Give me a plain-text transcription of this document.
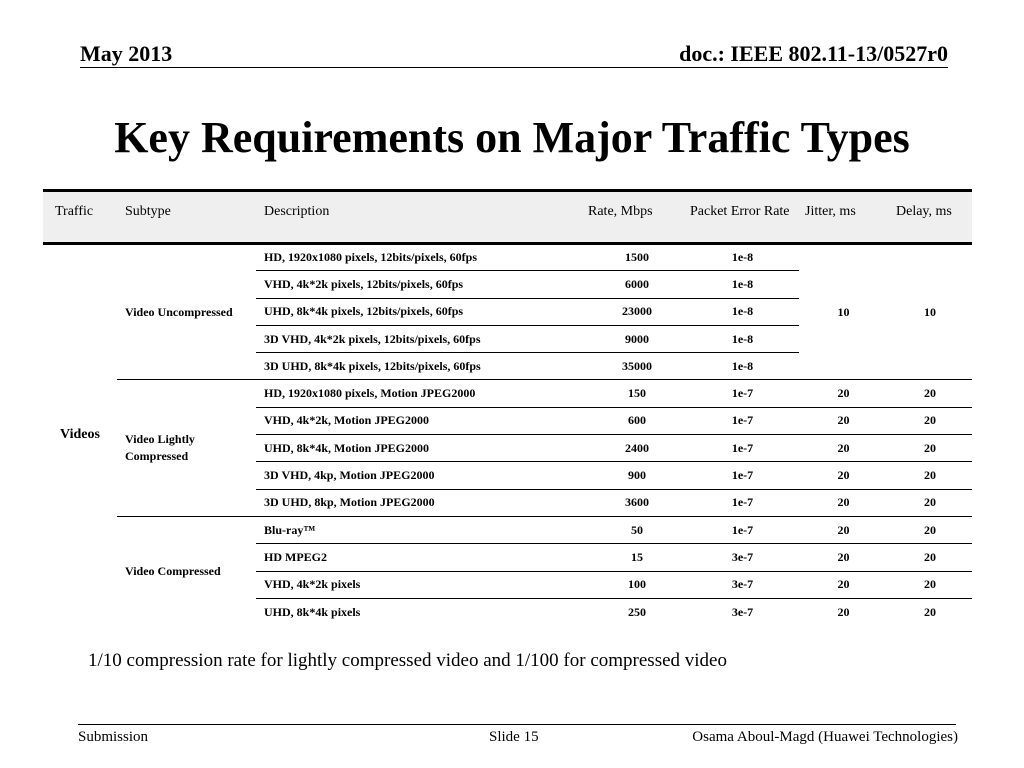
May 2013	doc.: IEEE 802.11-13/0527r0
Key Requirements on Major Traffic Types
Traffic	Subtype	Description	Rate, Mbps	Packet Error Rate	Jitter, ms	Delay, ms
Videos	Video Uncompressed	HD, 1920x1080 pixels, 12bits/pixels, 60fps	1500	1e-8	10	10
		VHD, 4k*2k pixels, 12bits/pixels, 60fps	6000	1e-8		
		UHD, 8k*4k pixels, 12bits/pixels, 60fps	23000	1e-8		
		3D VHD, 4k*2k pixels, 12bits/pixels, 60fps	9000	1e-8		
		3D UHD, 8k*4k pixels, 12bits/pixels, 60fps	35000	1e-8		
	Video Lightly Compressed	HD, 1920x1080 pixels, Motion JPEG2000	150	1e-7	20	20
		VHD, 4k*2k, Motion JPEG2000	600	1e-7	20	20
		UHD, 8k*4k, Motion JPEG2000	2400	1e-7	20	20
		3D VHD, 4kp, Motion JPEG2000	900	1e-7	20	20
		3D UHD, 8kp, Motion JPEG2000	3600	1e-7	20	20
	Video Compressed	Blu-ray™	50	1e-7	20	20
		HD MPEG2	15	3e-7	20	20
		VHD, 4k*2k pixels	100	3e-7	20	20
		UHD, 8k*4k pixels	250	3e-7	20	20
1/10 compression rate for lightly compressed video and 1/100 for compressed video
Submission	Slide 15	Osama Aboul-Magd (Huawei Technologies)
